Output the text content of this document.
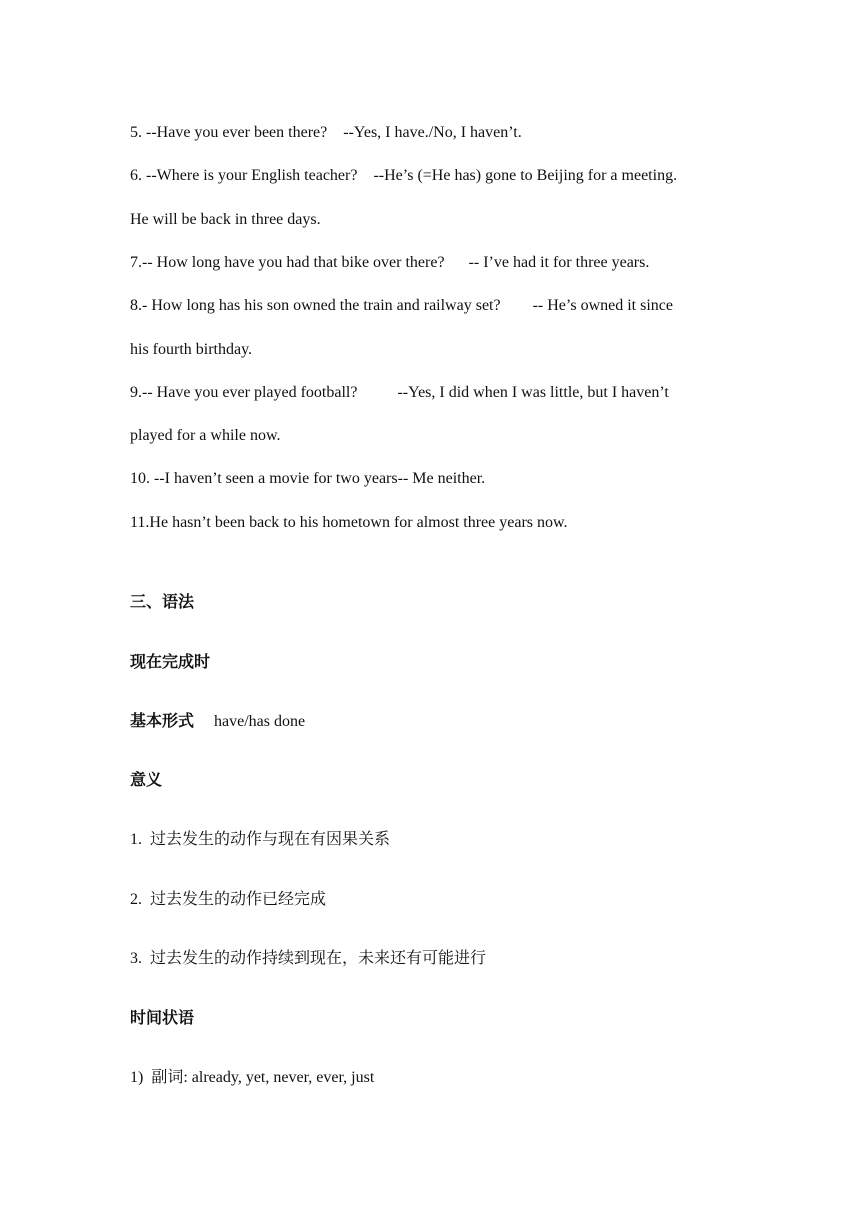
5. --Have you ever been there?    --Yes, I have./No, I haven’t.
6. --Where is your English teacher?    --He’s (=He has) gone to Beijing for a meeting.
He will be back in three days.
7.-- How long have you had that bike over there?      -- I’ve had it for three years.
8.- How long has his son owned the train and railway set?        -- He’s owned it since
his fourth birthday.
9.-- Have you ever played football?          --Yes, I did when I was little, but I haven’t
played for a while now.
10. --I haven’t seen a movie for two years-- Me neither.
11.He hasn’t been back to his hometown for almost three years now.
三、语法
现在完成时
基本形式 have/has done
意义
1.  过去发生的动作与现在有因果关系
2.  过去发生的动作已经完成
3.  过去发生的动作持续到现在，未来还有可能进行
时间状语
1)  副词: already, yet, never, ever, just
